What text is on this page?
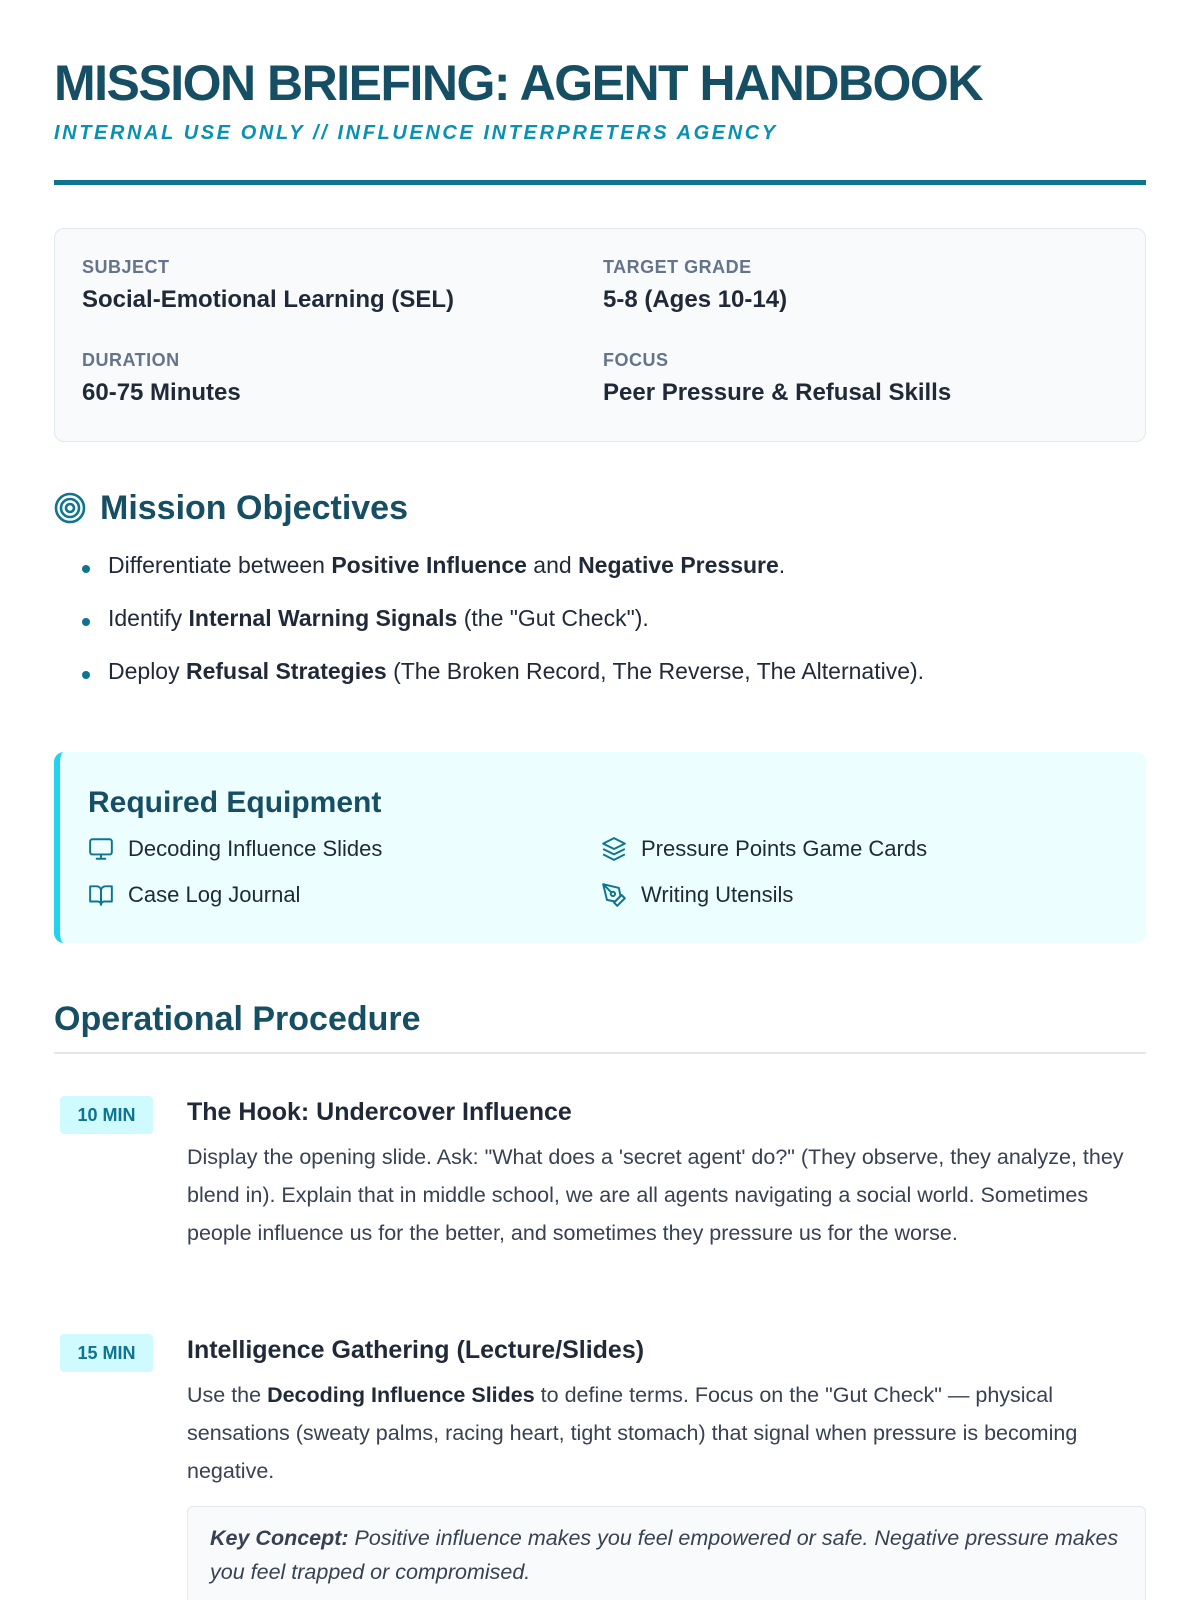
MISSION BRIEFING: AGENT HANDBOOK
INTERNAL USE ONLY // INFLUENCE INTERPRETERS AGENCY
SUBJECT
Social-Emotional Learning (SEL)
TARGET GRADE
5-8 (Ages 10-14)
DURATION
60-75 Minutes
FOCUS
Peer Pressure & Refusal Skills
Mission Objectives
Differentiate between Positive Influence and Negative Pressure.
Identify Internal Warning Signals (the "Gut Check").
Deploy Refusal Strategies (The Broken Record, The Reverse, The Alternative).
Required Equipment
Decoding Influence Slides	Pressure Points Game Cards
Case Log Journal	Writing Utensils
Operational Procedure
10 MIN	The Hook: Undercover Influence
Display the opening slide. Ask: "What does a 'secret agent' do?" (They observe, they analyze, they blend in). Explain that in middle school, we are all agents navigating a social world. Sometimes people influence us for the better, and sometimes they pressure us for the worse.
15 MIN	Intelligence Gathering (Lecture/Slides)
Use the Decoding Influence Slides to define terms. Focus on the "Gut Check" — physical sensations (sweaty palms, racing heart, tight stomach) that signal when pressure is becoming negative.
Key Concept: Positive influence makes you feel empowered or safe. Negative pressure makes you feel trapped or compromised.
